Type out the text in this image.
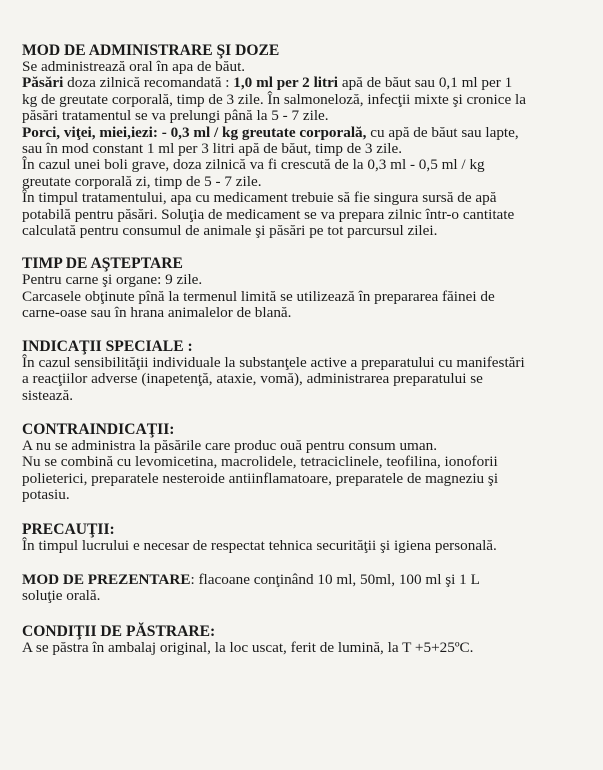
MOD DE ADMINISTRARE ŞI DOZE
Se administrează oral în apa de băut.
Păsări doza zilnică recomandată : 1,0 ml per 2 litri apă de băut sau 0,1 ml per 1
kg de greutate corporală, timp de 3 zile. În salmoneloză, infecţii mixte şi cronice la
păsări tratamentul se va prelungi până la 5 - 7 zile.
Porci, viţei, miei,iezi: - 0,3 ml / kg greutate corporală, cu apă de băut sau lapte,
sau în mod constant 1 ml per 3 litri apă de băut, timp de 3 zile.
În cazul unei boli grave, doza zilnică va fi crescută de la 0,3 ml - 0,5 ml / kg
greutate corporală zi, timp de 5 - 7 zile.
În timpul tratamentului, apa cu medicament trebuie să fie singura sursă de apă
potabilă pentru păsări. Soluţia de medicament se va prepara zilnic într-o cantitate
calculată pentru consumul de animale şi păsări pe tot parcursul zilei.
TIMP DE AŞTEPTARE
Pentru carne şi organe: 9 zile.
Carcasele obţinute pînă la termenul limită se utilizează în prepararea făinei de
carne-oase sau în hrana animalelor de blană.
INDICAŢII SPECIALE :
În cazul sensibilităţii individuale la substanţele active a preparatului cu manifestări
a reacţiilor adverse (inapetenţă, ataxie, vomă), administrarea preparatului se
sistează.
CONTRAINDICAŢII:
A nu se administra la păsările care produc ouă pentru consum uman.
Nu se combină cu levomicetina, macrolidele, tetraciclinele, teofilina, ionoforii
polieterici, preparatele nesteroide antiinflamatoare, preparatele de magneziu şi
potasiu.
PRECAUŢII:
În timpul lucrului e necesar de respectat tehnica securităţii şi igiena personală.
MOD DE PREZENTARE: flacoane conţinând 10 ml, 50ml, 100 ml şi 1 L
soluţie orală.
CONDIŢII DE PĂSTRARE:
A se păstra în ambalaj original, la loc uscat, ferit de lumină, la T +5+25ºC.
